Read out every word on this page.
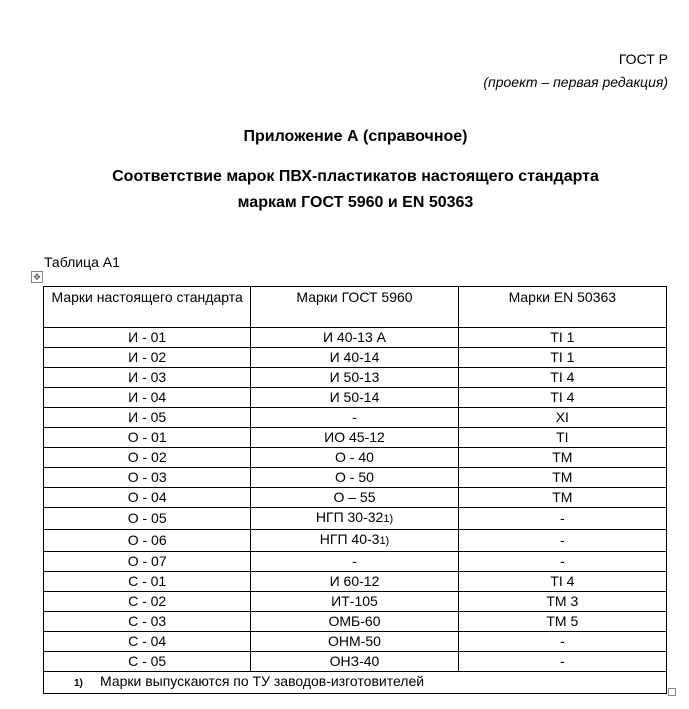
ГОСТ Р
(проект – первая редакция)
Приложение А (справочное)
Соответствие марок ПВХ-пластикатов настоящего стандарта
маркам ГОСТ 5960 и EN 50363
Таблица А1
✥
Марки настоящего стандарта	Марки ГОСТ 5960	Марки EN 50363
И - 01	И 40-13 А	TI 1
И - 02	И 40-14	TI 1
И - 03	И 50-13	TI 4
И - 04	И 50-14	TI 4
И - 05	-	XI
О - 01	ИО 45-12	TI
О - 02	О - 40	ТМ
О - 03	О - 50	ТМ
О - 04	О – 55	ТМ
О - 05	НГП 30-321)	-
О - 06	НГП 40-31)	-
О - 07	-	-
С - 01	И 60-12	TI 4
С - 02	ИТ-105	ТМ 3
С - 03	ОМБ-60	ТМ 5
С - 04	ОНМ-50	-
С - 05	ОНЗ-40	-
1) Марки выпускаются по ТУ заводов-изготовителей		
